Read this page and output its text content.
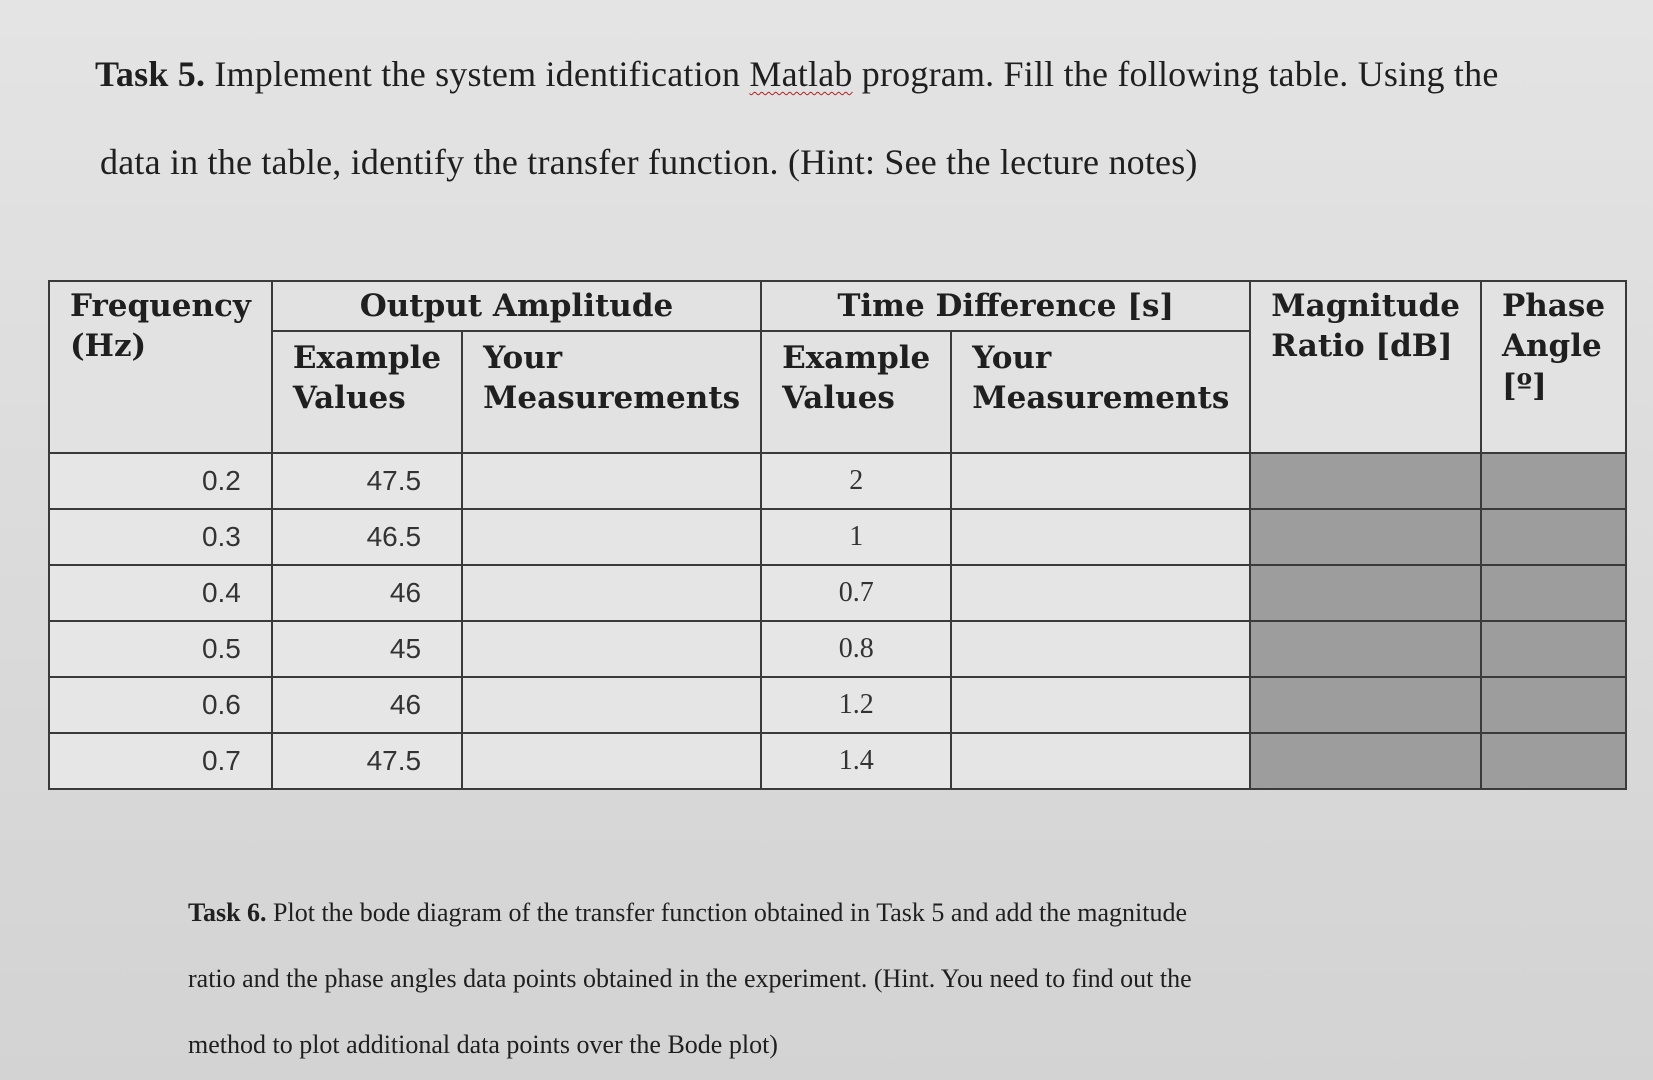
Task 5. Implement the system identification Matlab program. Fill the following table. Using the
data in the table, identify the transfer function. (Hint: See the lecture notes)
Frequency (Hz)	Output Amplitude		Time Difference [s]		Magnitude Ratio [dB]	Phase Angle [º]
	Example Values	Your Measurements	Example Values	Your Measurements		
0.2	47.5		2			
0.3	46.5		1			
0.4	46		0.7			
0.5	45		0.8			
0.6	46		1.2			
0.7	47.5		1.4			
Task 6. Plot the bode diagram of the transfer function obtained in Task 5 and add the magnitude
ratio and the phase angles data points obtained in the experiment. (Hint. You need to find out the
method to plot additional data points over the Bode plot)
